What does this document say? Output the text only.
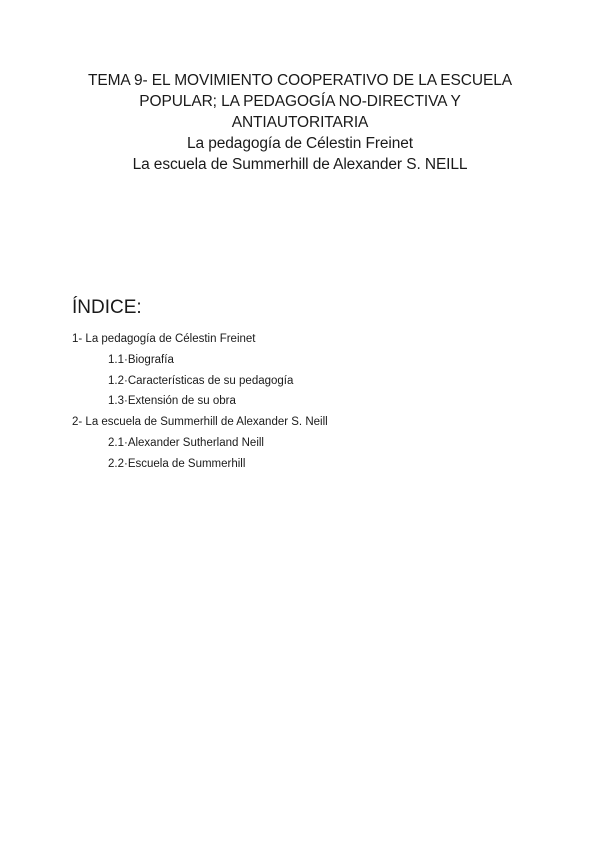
TEMA 9- EL MOVIMIENTO COOPERATIVO DE LA ESCUELA
POPULAR; LA PEDAGOGÍA NO-DIRECTIVA Y
ANTIAUTORITARIA
La pedagogía de Célestin Freinet
La escuela de Summerhill de Alexander S. NEILL
ÍNDICE:
1- La pedagogía de Célestin Freinet
1.1·Biografía
1.2·Características de su pedagogía
1.3·Extensión de su obra
2- La escuela de Summerhill de Alexander S. Neill
2.1·Alexander Sutherland Neill
2.2·Escuela de Summerhill
